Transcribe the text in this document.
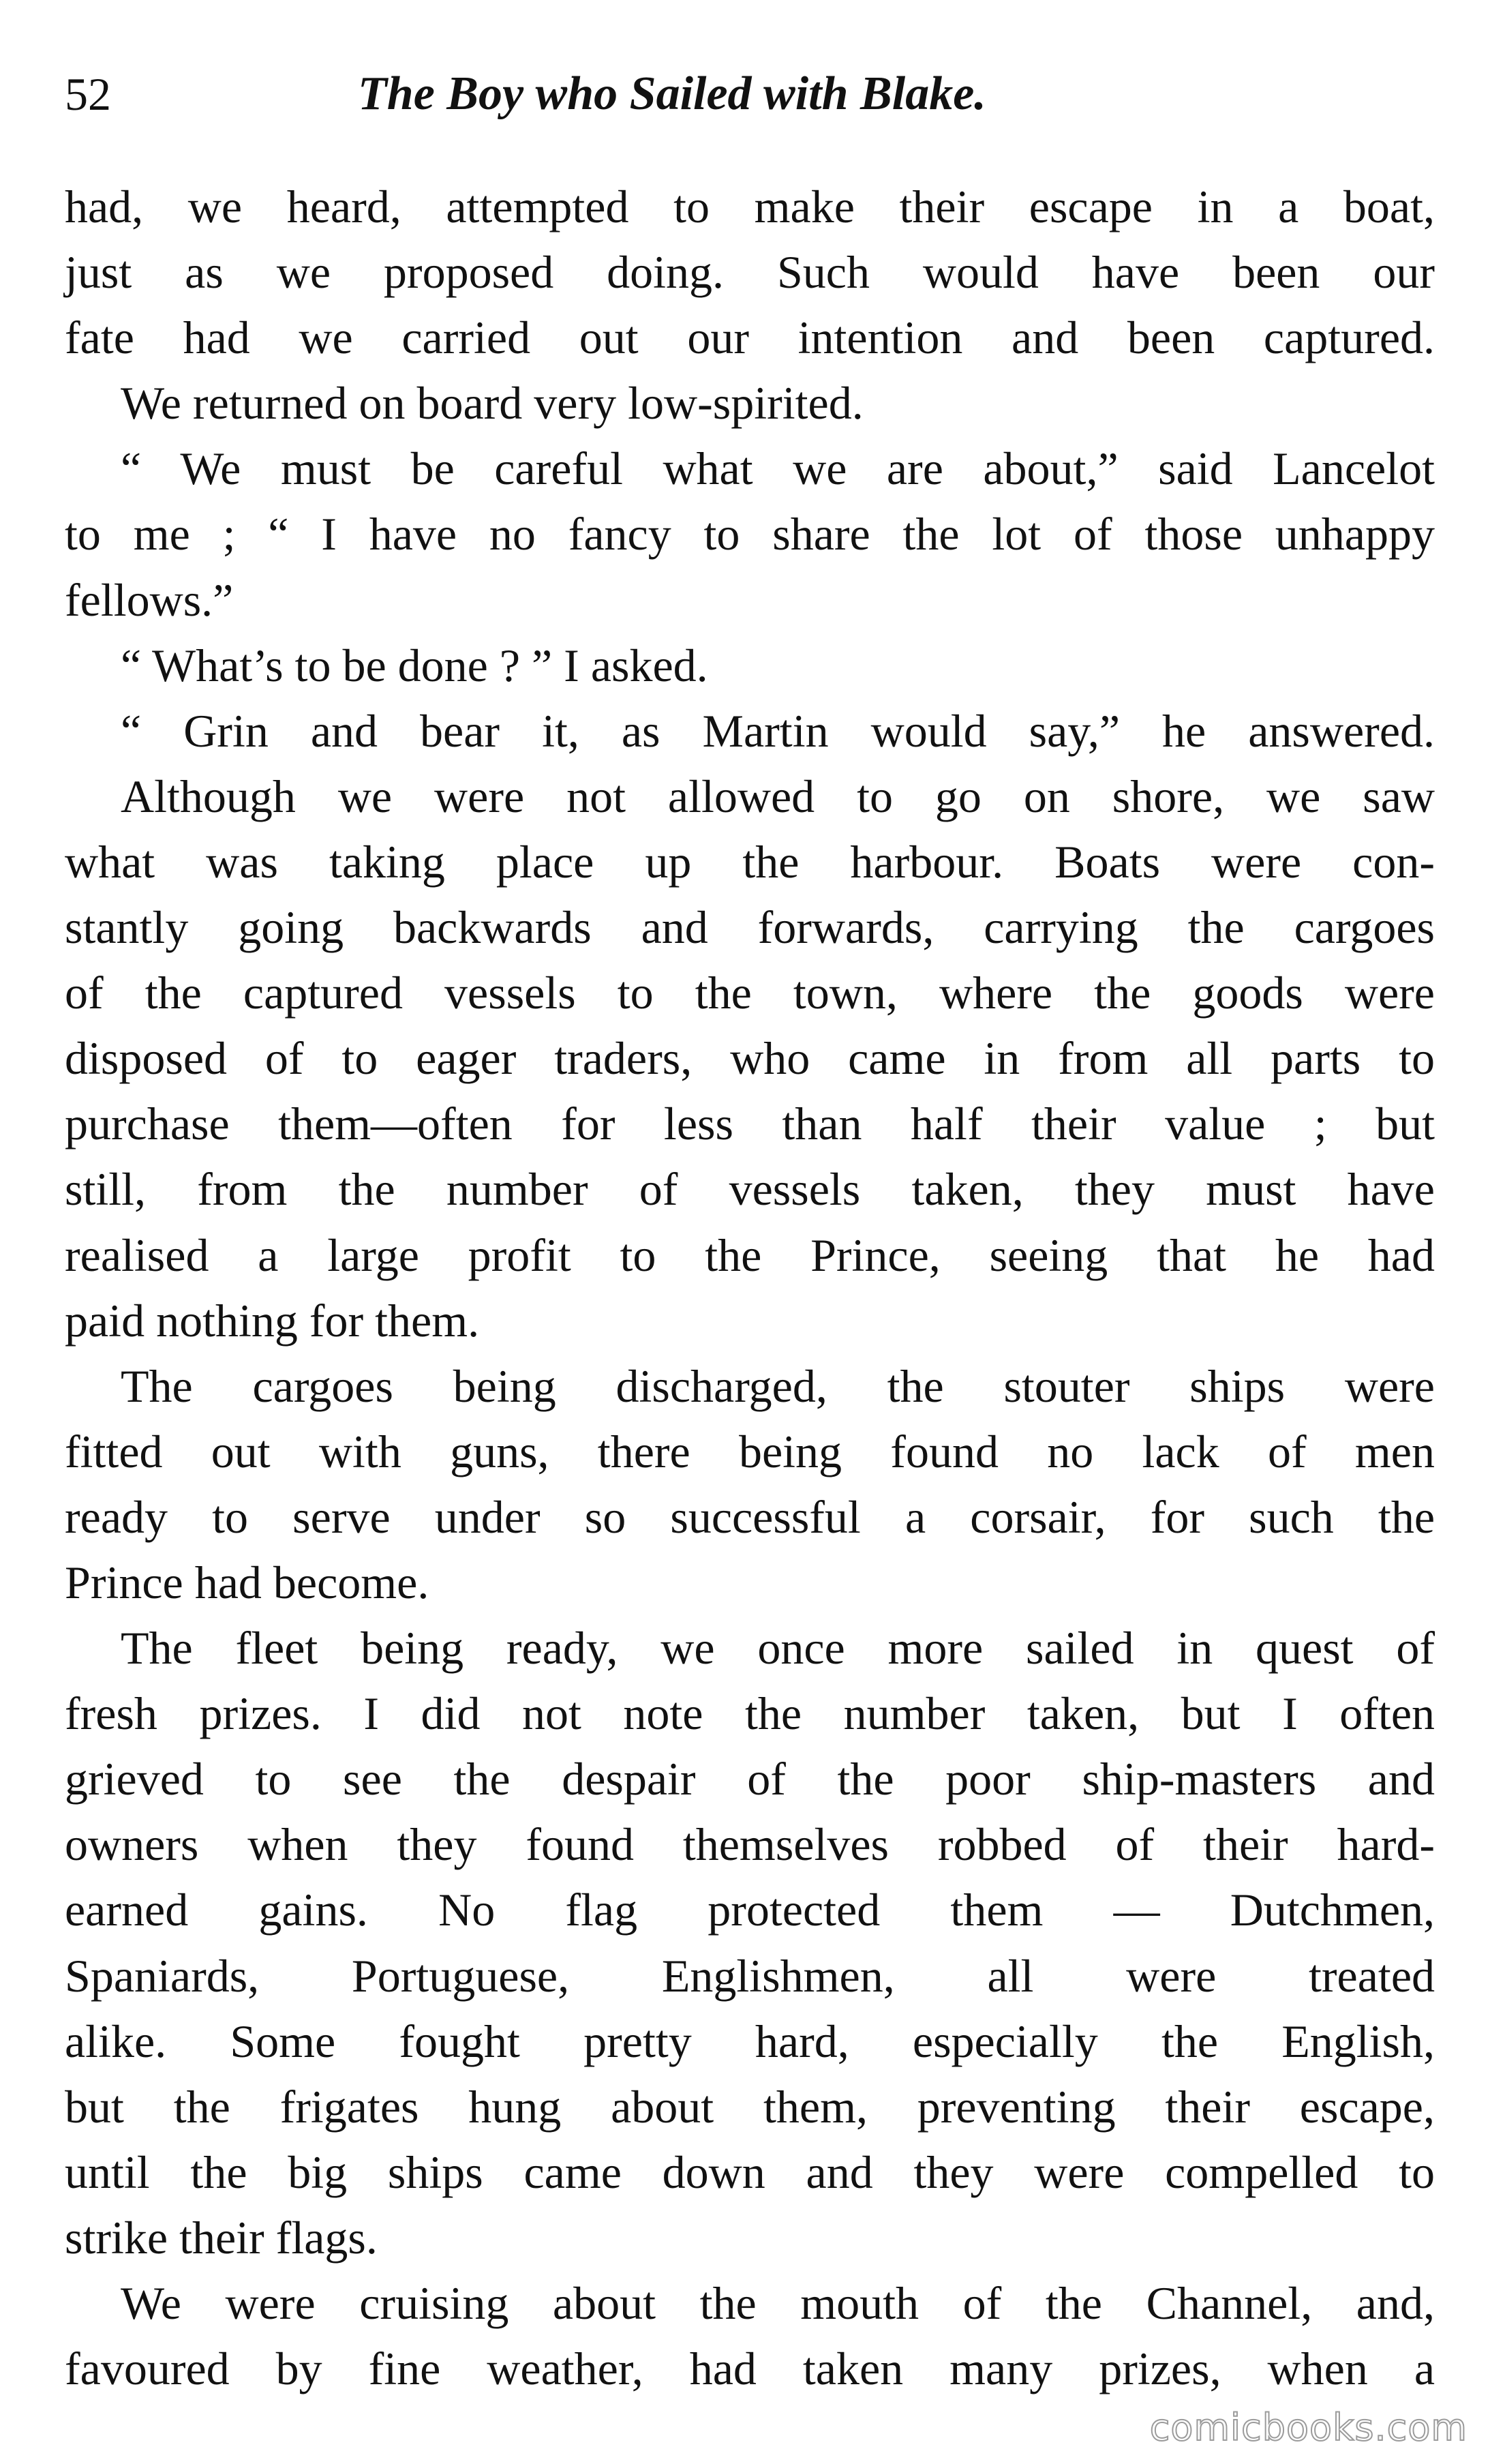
52	The Boy who Sailed with Blake.
had, we heard, attempted to make their escape in a boat,
just as we proposed doing. Such would have been our
fate had we carried out our intention and been captured.
We returned on board very low-spirited.
“ We must be careful what we are about,” said Lancelot
to me ; “ I have no fancy to share the lot of those unhappy
fellows.”
“ What’s to be done ? ” I asked.
“ Grin and bear it, as Martin would say,” he answered.
Although we were not allowed to go on shore, we saw
what was taking place up the harbour. Boats were con-
stantly going backwards and forwards, carrying the cargoes
of the captured vessels to the town, where the goods were
disposed of to eager traders, who came in from all parts to
purchase them—often for less than half their value ; but
still, from the number of vessels taken, they must have
realised a large profit to the Prince, seeing that he had
paid nothing for them.
The cargoes being discharged, the stouter ships were
fitted out with guns, there being found no lack of men
ready to serve under so successful a corsair, for such the
Prince had become.
The fleet being ready, we once more sailed in quest of
fresh prizes. I did not note the number taken, but I often
grieved to see the despair of the poor ship-masters and
owners when they found themselves robbed of their hard-
earned gains. No flag protected them — Dutchmen,
Spaniards, Portuguese, Englishmen, all were treated
alike. Some fought pretty hard, especially the English,
but the frigates hung about them, preventing their escape,
until the big ships came down and they were compelled to
strike their flags.
We were cruising about the mouth of the Channel, and,
favoured by fine weather, had taken many prizes, when a
comicbooks.com
